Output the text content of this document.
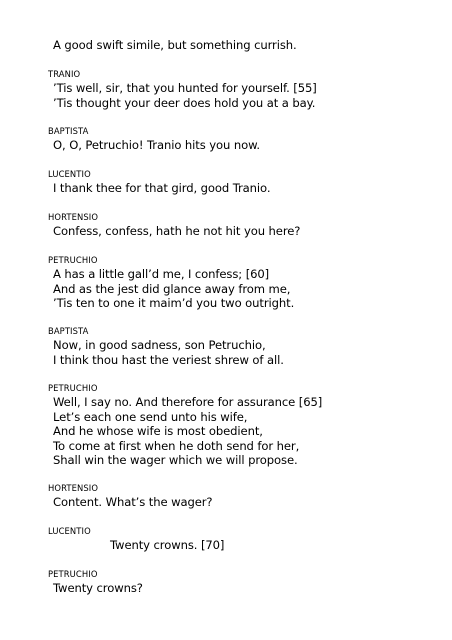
A good swift simile, but something currish.
TRANIO
’Tis well, sir, that you hunted for yourself. [55]
’Tis thought your deer does hold you at a bay.
BAPTISTA
O, O, Petruchio! Tranio hits you now.
LUCENTIO
I thank thee for that gird, good Tranio.
HORTENSIO
Confess, confess, hath he not hit you here?
PETRUCHIO
A has a little gall’d me, I confess; [60]
And as the jest did glance away from me,
’Tis ten to one it maim’d you two outright.
BAPTISTA
Now, in good sadness, son Petruchio,
I think thou hast the veriest shrew of all.
PETRUCHIO
Well, I say no. And therefore for assurance [65]
Let’s each one send unto his wife,
And he whose wife is most obedient,
To come at first when he doth send for her,
Shall win the wager which we will propose.
HORTENSIO
Content. What’s the wager?
LUCENTIO
Twenty crowns. [70]
PETRUCHIO
Twenty crowns?
